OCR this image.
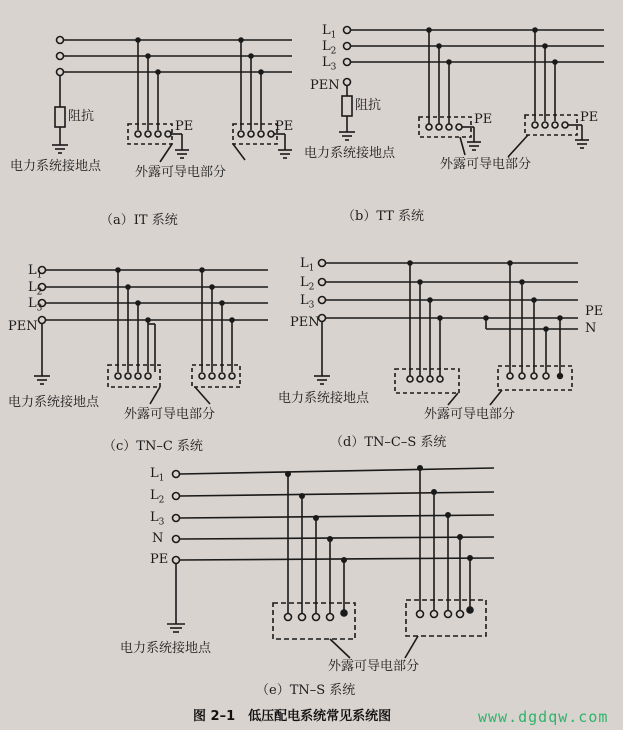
阻抗
PE	PE
电力系统接地点	外露可导电部分
（a）IT 系统
$L_1$
$L_2$
$L_3$
PEN
阻抗
PE	PE
电力系统接地点
外露可导电部分
（b）TT 系统
$L_1$
$L_2$
$L_3$
PEN
电力系统接地点
外露可导电部分
（c）TN–C 系统
$L_1$
$L_2$
$L_3$
PEN
PE
N
电力系统接地点
外露可导电部分
（d）TN–C–S 系统
$L_1$
$L_2$
$L_3$
N
PE
电力系统接地点
外露可导电部分
（e）TN–S 系统
图 2–1　低压配电系统常见系统图	www.dgdqw.com
